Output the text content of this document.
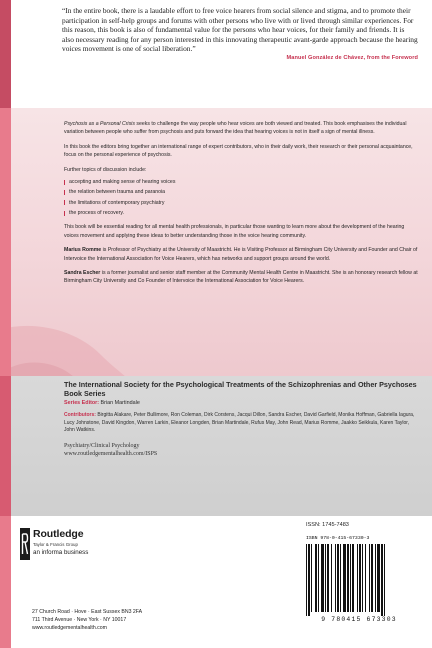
“In the entire book, there is a laudable effort to free voice hearers from social silence and stigma, and to promote their participation in self-help groups and forums with other persons who live with or lived through similar experiences. For this reason, this book is also of fundamental value for the persons who hear voices, for their family and friends. It is also necessary reading for any person interested in this innovating therapeutic avant-garde approach because the hearing voices movement is one of social liberation.”

Manuel González de Chávez, from the Foreword

Psychosis as a Personal Crisis seeks to challenge the way people who hear voices are both viewed and treated. This book emphasises the individual variation between people who suffer from psychosis and puts forward the idea that hearing voices is not in itself a sign of mental illness.

In this book the editors bring together an international range of expert contributors, who in their daily work, their research or their personal acquaintance, focus on the personal experience of psychosis.

Further topics of discussion include:

accepting and making sense of hearing voices
the relation between trauma and paranoia
the limitations of contemporary psychiatry
the process of recovery.

This book will be essential reading for all mental health professionals, in particular those wanting to learn more about the development of the hearing voices movement and applying these ideas to better understanding those in the voice hearing community.

Marius Romme is Professor of Psychiatry at the University of Maastricht. He is Visiting Professor at Birmingham City University and Founder and Chair of Intervoice the International Association for Voice Hearers, which has networks and support groups around the world.

Sandra Escher is a former journalist and senior staff member at the Community Mental Health Centre in Maastricht. She is an honorary research fellow at Birmingham City University and Co Founder of Intervoice the International Association for Voice Hearers.

The International Society for the Psychological Treatments of the Schizophrenias and Other Psychoses Book Series

Series Editor: Brian Martindale

Contributors: Birgitta Alakare, Peter Bullimore, Ron Coleman, Dirk Corstens, Jacqui Dillon, Sandra Escher, David Garfield, Monika Hoffman, Gabriella Iagura, Lucy Johnstone, David Kingdon, Warren Larkin, Eleanor Longden, Brian Martindale, Rufus May, John Read, Marius Romme, Jaakko Seikkula, Karen Taylor, John Watkins.

Psychiatry/Clinical Psychology
www.routledgementalhealth.com/ISPS

Routledge
Taylor & Francis Group
an informa business
27 Church Road · Hove · East Sussex BN3 2FA
711 Third Avenue · New York · NY 10017
www.routledgementalhealth.com
ISSN: 1745-7483
ISBN 978-0-415-67330-3
9 780415 673303
